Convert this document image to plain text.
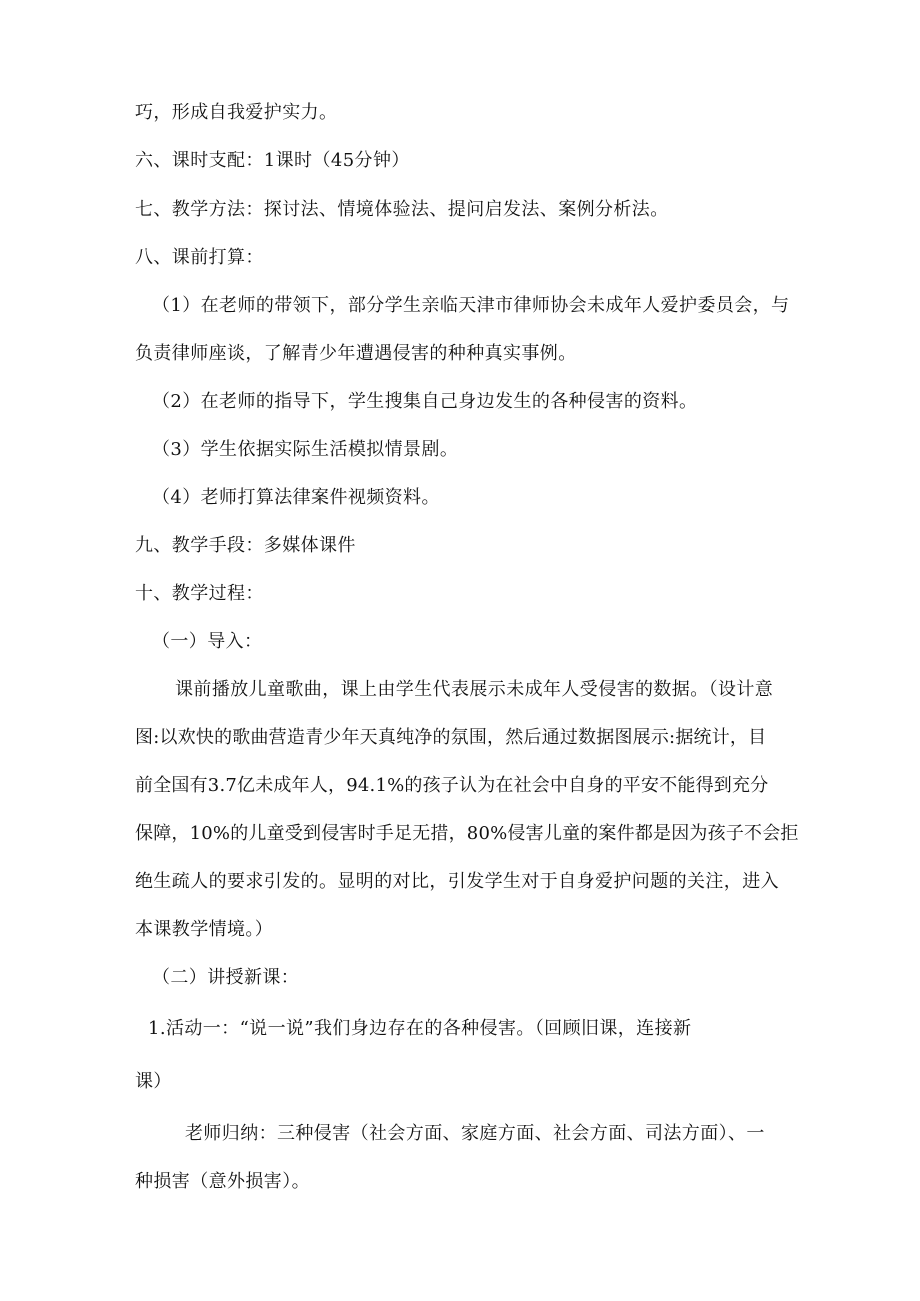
巧，形成自我爱护实力。
六、课时支配：1课时（45分钟）
七、教学方法：探讨法、情境体验法、提问启发法、案例分析法。
八、课前打算：
（1）在老师的带领下，部分学生亲临天津市律师协会未成年人爱护委员会，与
负责律师座谈，了解青少年遭遇侵害的种种真实事例。
（2）在老师的指导下，学生搜集自己身边发生的各种侵害的资料。
（3）学生依据实际生活模拟情景剧。
（4）老师打算法律案件视频资料。
九、教学手段：多媒体课件
十、教学过程：
（一）导入：
课前播放儿童歌曲，课上由学生代表展示未成年人受侵害的数据。（设计意
图:以欢快的歌曲营造青少年天真纯净的氛围，然后通过数据图展示:据统计，目
前全国有3.7亿未成年人，94.1%的孩子认为在社会中自身的平安不能得到充分
保障，10%的儿童受到侵害时手足无措，80%侵害儿童的案件都是因为孩子不会拒
绝生疏人的要求引发的。显明的对比，引发学生对于自身爱护问题的关注，进入
本课教学情境。）
（二）讲授新课：
1.活动一：“说一说”我们身边存在的各种侵害。（回顾旧课，连接新
课）
老师归纳：三种侵害（社会方面、家庭方面、社会方面、司法方面）、一
种损害（意外损害）。
